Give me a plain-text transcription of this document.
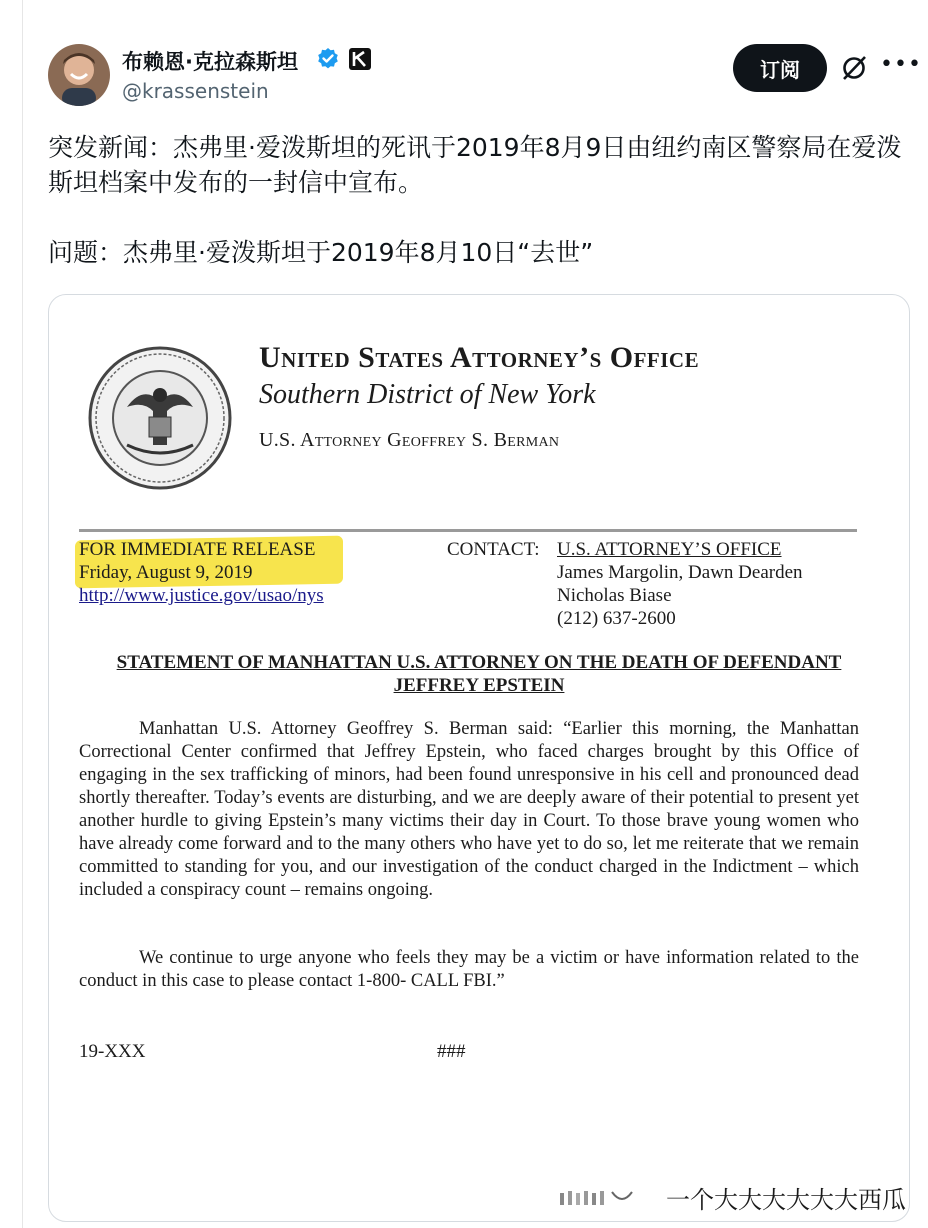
布赖恩·克拉森斯坦
@krassenstein
订阅	•••

突发新闻：杰弗里·爱泼斯坦的死讯于2019年8月9日由纽约南区警察局在爱泼斯坦档案中发布的一封信中宣布。

问题：杰弗里·爱泼斯坦于2019年8月10日“去世”

United States Attorney’s Office
Southern District of New York
U.S. Attorney Geoffrey S. Berman
FOR IMMEDIATE RELEASE
Friday, August 9, 2019
http://www.justice.gov/usao/nys
CONTACT: U.S. ATTORNEY’S OFFICE
James Margolin, Dawn Dearden
Nicholas Biase
(212) 637-2600
STATEMENT OF MANHATTAN U.S. ATTORNEY ON THE DEATH OF DEFENDANT
JEFFREY EPSTEIN
Manhattan U.S. Attorney Geoffrey S. Berman said: “Earlier this morning, the Manhattan Correctional Center confirmed that Jeffrey Epstein, who faced charges brought by this Office of engaging in the sex trafficking of minors, had been found unresponsive in his cell and pronounced dead shortly thereafter. Today’s events are disturbing, and we are deeply aware of their potential to present yet another hurdle to giving Epstein’s many victims their day in Court. To those brave young women who have already come forward and to the many others who have yet to do so, let me reiterate that we remain committed to standing for you, and our investigation of the conduct charged in the Indictment – which included a conspiracy count – remains ongoing.
We continue to urge anyone who feels they may be a victim or have information related to the conduct in this case to please contact 1-800- CALL FBI.”
19-XXX	###
一个大大大大大大西瓜
